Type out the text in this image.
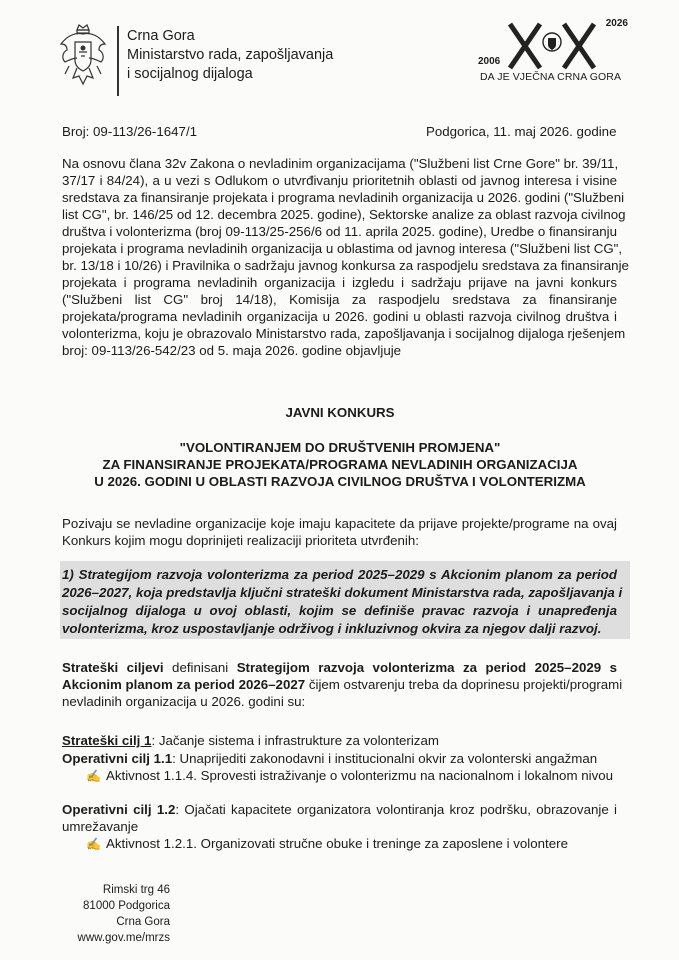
Crna Gora
Ministarstvo rada, zapošljavanja
i socijalnog dijaloga
2026
2006
DA JE VJEČNA CRNA GORA
Broj: 09-113/26-1647/1	Podgorica, 11. maj 2026. godine
Na osnovu člana 32v Zakona o nevladinim organizacijama ("Službeni list Crne Gore" br. 39/11,
37/17 i 84/24), a u vezi s Odlukom o utvrđivanju prioritetnih oblasti od javnog interesa i visine
sredstava za finansiranje projekata i programa nevladinih organizacija u 2026. godini ("Službeni
list CG", br. 146/25 od 12. decembra 2025. godine), Sektorske analize za oblast razvoja civilnog
društva i volonterizma (broj 09-113/25-256/6 od 11. aprila 2025. godine), Uredbe o finansiranju
projekata i programa nevladinih organizacija u oblastima od javnog interesa ("Službeni list CG",
br. 13/18 i 10/26) i Pravilnika o sadržaju javnog konkursa za raspodjelu sredstava za finansiranje
projekata i programa nevladinih organizacija i izgledu i sadržaju prijave na javni konkurs
("Službeni list CG" broj 14/18), Komisija za raspodjelu sredstava za finansiranje
projekata/programa nevladinih organizacija u 2026. godini u oblasti razvoja civilnog društva i
volonterizma, koju je obrazovalo Ministarstvo rada, zapošljavanja i socijalnog dijaloga rješenjem
broj: 09-113/26-542/23 od 5. maja 2026. godine objavljuje
JAVNI KONKURS
"VOLONTIRANJEM DO DRUŠTVENIH PROMJENA"
ZA FINANSIRANJE PROJEKATA/PROGRAMA NEVLADINIH ORGANIZACIJA
U 2026. GODINI U OBLASTI RAZVOJA CIVILNOG DRUŠTVA I VOLONTERIZMA
Pozivaju se nevladine organizacije koje imaju kapacitete da prijave projekte/programe na ovaj
Konkurs kojim mogu doprinijeti realizaciji prioriteta utvrđenih:
1) Strategijom razvoja volonterizma za period 2025–2029 s Akcionim planom za period
2026–2027, koja predstavlja ključni strateški dokument Ministarstva rada, zapošljavanja i
socijalnog dijaloga u ovoj oblasti, kojim se definiše pravac razvoja i unapređenja
volonterizma, kroz uspostavljanje održivog i inkluzivnog okvira za njegov dalji razvoj.
Strateški ciljevi definisani Strategijom razvoja volonterizma za period 2025–2029 s
Akcionim planom za period 2026–2027 čijem ostvarenju treba da doprinesu projekti/programi
nevladinih organizacija u 2026. godini su:
Strateški cilj 1: Jačanje sistema i infrastrukture za volonterizam
Operativni cilj 1.1: Unaprijediti zakonodavni i institucionalni okvir za volonterski angažman
✍ Aktivnost 1.1.4. Sprovesti istraživanje o volonterizmu na nacionalnom i lokalnom nivou
Operativni cilj 1.2: Ojačati kapacitete organizatora volontiranja kroz podršku, obrazovanje i
umrežavanje
✍ Aktivnost 1.2.1. Organizovati stručne obuke i treninge za zaposlene i volontere
Rimski trg 46
81000 Podgorica
Crna Gora
www.gov.me/mrzs
